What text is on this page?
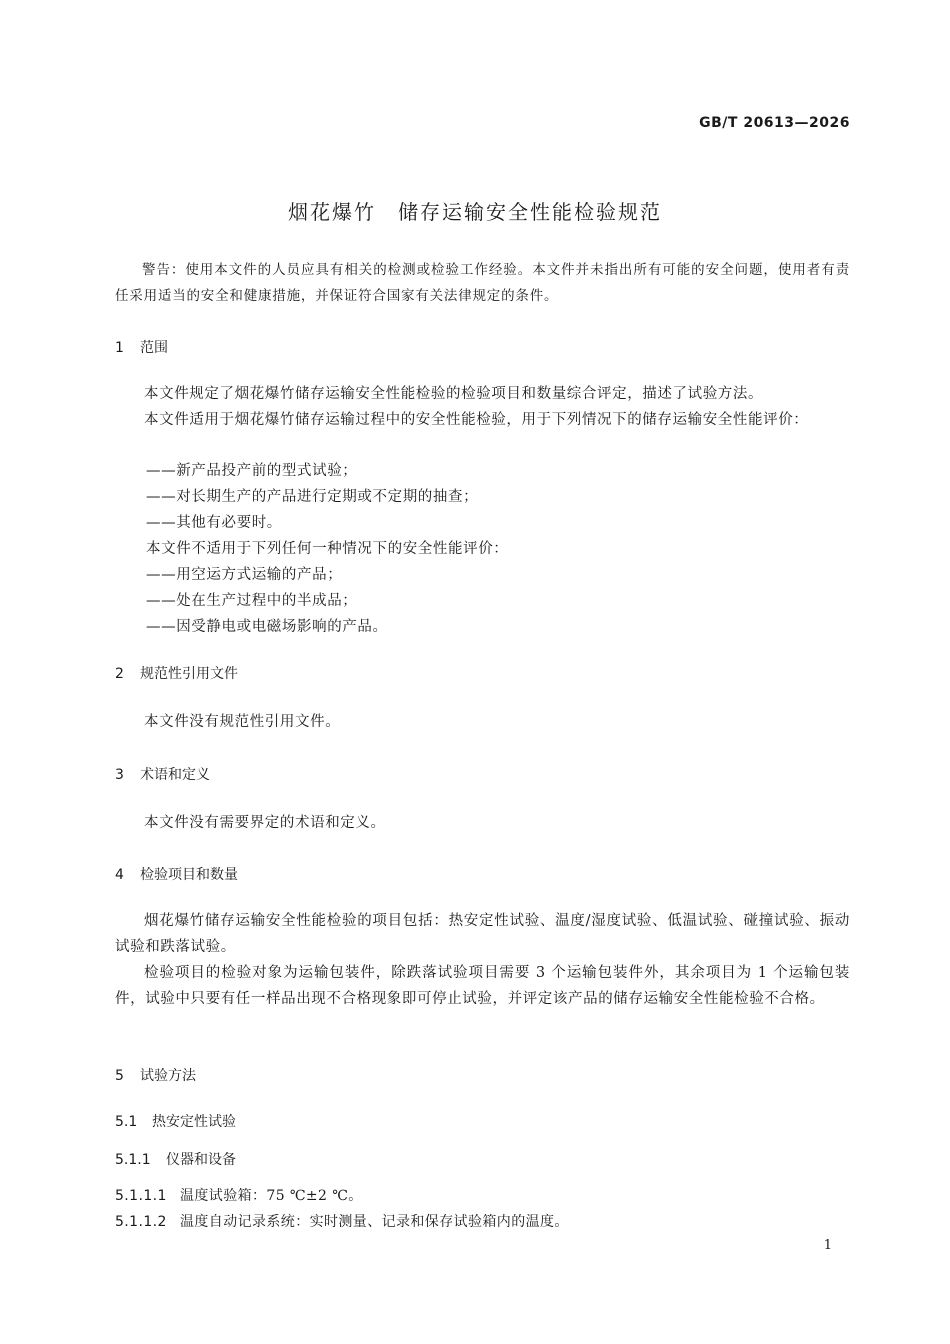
GB/T 20613—2026
烟花爆竹　储存运输安全性能检验规范
警告：使用本文件的人员应具有相关的检测或检验工作经验。本文件并未指出所有可能的安全问题，使用者有责任采用适当的安全和健康措施，并保证符合国家有关法律规定的条件。
1 范围
本文件规定了烟花爆竹储存运输安全性能检验的检验项目和数量综合评定，描述了试验方法。
本文件适用于烟花爆竹储存运输过程中的安全性能检验，用于下列情况下的储存运输安全性能评价：
——新产品投产前的型式试验；
——对长期生产的产品进行定期或不定期的抽查；
——其他有必要时。
本文件不适用于下列任何一种情况下的安全性能评价：
——用空运方式运输的产品；
——处在生产过程中的半成品；
——因受静电或电磁场影响的产品。
2 规范性引用文件
本文件没有规范性引用文件。
3 术语和定义
本文件没有需要界定的术语和定义。
4 检验项目和数量
烟花爆竹储存运输安全性能检验的项目包括：热安定性试验、温度/湿度试验、低温试验、碰撞试验、振动试验和跌落试验。
检验项目的检验对象为运输包装件，除跌落试验项目需要 3 个运输包装件外，其余项目为 1 个运输包装件，试验中只要有任一样品出现不合格现象即可停止试验，并评定该产品的储存运输安全性能检验不合格。
5 试验方法
5.1 热安定性试验
5.1.1 仪器和设备
5.1.1.1 温度试验箱：75 ℃±2 ℃。
5.1.1.2 温度自动记录系统：实时测量、记录和保存试验箱内的温度。
1
